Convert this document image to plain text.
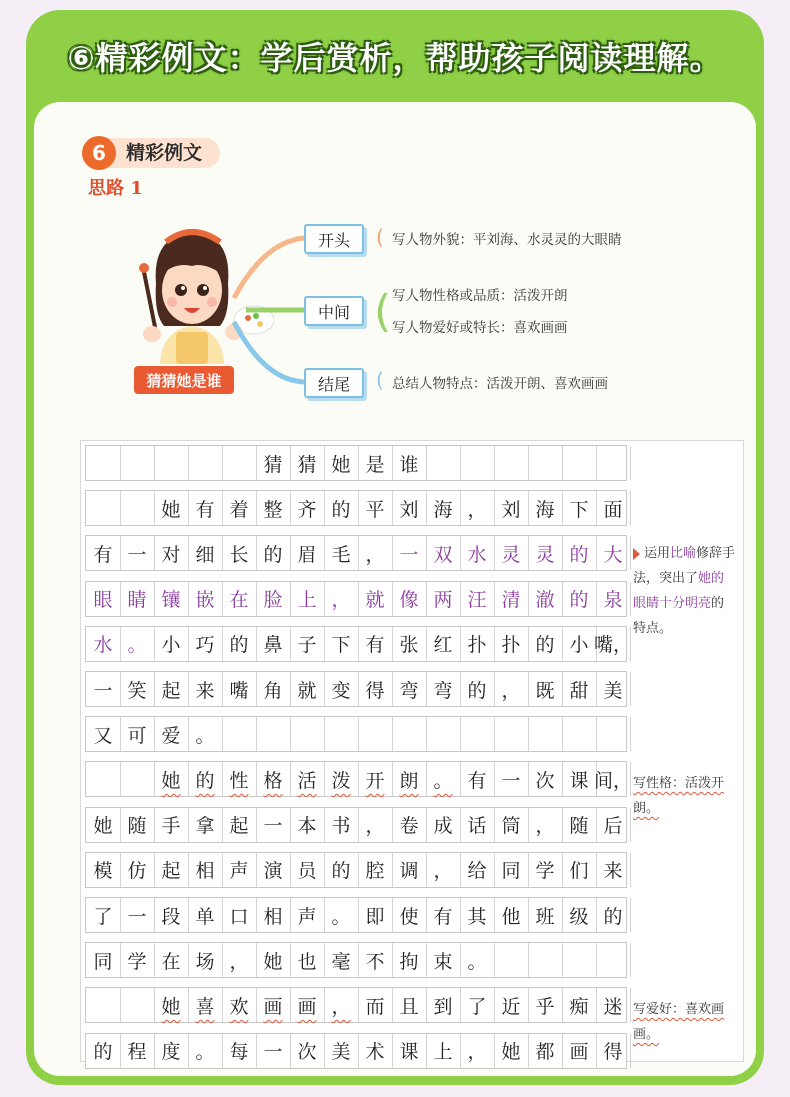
⑥精彩例文：学后赏析，帮助孩子阅读理解。
6	精彩例文
思路 1
猜猜她是谁
开头
中间
结尾
( 写人物外貌：平刘海、水灵灵的大眼睛
( 写人物性格或品质：活泼开朗
写人物爱好或特长：喜欢画画
( 总结人物特点：活泼开朗、喜欢画画
运用比喻修辞手法，突出了她的眼睛十分明亮的特点。
写性格：活泼开朗。
写爱好：喜欢画画。
猜 猜 她 是 谁
她 有 着 整 齐 的 平 刘 海 ， 刘 海 下 面
有 一 对 细 长 的 眉 毛 ， 一 双 水 灵 灵 的 大
眼 睛 镶 嵌 在 脸 上 ， 就 像 两 汪 清 澈 的 泉
水 。 小 巧 的 鼻 子 下 有 张 红 扑 扑 的 小 嘴，
一 笑 起 来 嘴 角 就 变 得 弯 弯 的 ， 既 甜 美
又 可 爱 。
她 的 性 格 活 泼 开 朗 。 有 一 次 课 间，
她 随 手 拿 起 一 本 书 ， 卷 成 话 筒 ， 随 后
模 仿 起 相 声 演 员 的 腔 调 ， 给 同 学 们 来
了 一 段 单 口 相 声 。 即 使 有 其 他 班 级 的
同 学 在 场 ， 她 也 毫 不 拘 束 。
她 喜 欢 画 画 ， 而 且 到 了 近 乎 痴 迷
的 程 度 。 每 一 次 美 术 课 上 ， 她 都 画 得
